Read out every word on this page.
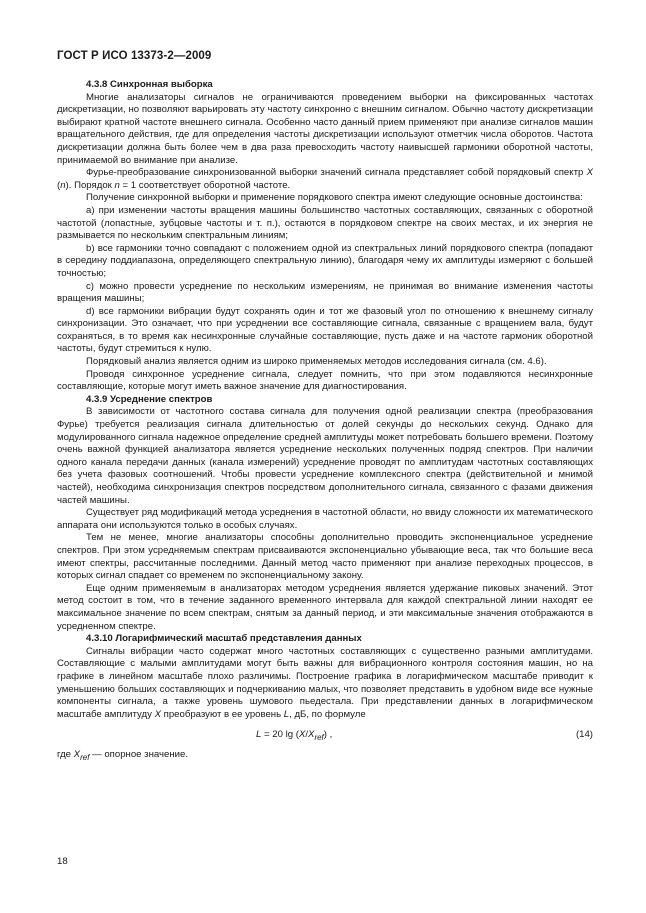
ГОСТ Р ИСО 13373-2—2009
4.3.8 Синхронная выборка

Многие анализаторы сигналов не ограничиваются проведением выборки на фиксированных частотах дискретизации, но позволяют варьировать эту частоту синхронно с внешним сигналом. Обычно частоту дискретизации выбирают кратной частоте внешнего сигнала. Особенно часто данный прием применяют при анализе сигналов машин вращательного действия, где для определения частоты дискретизации используют отметчик числа оборотов. Частота дискретизации должна быть более чем в два раза превосходить частоту наивысшей гармоники оборотной частоты, принимаемой во внимание при анализе.

Фурье-преобразование синхронизованной выборки значений сигнала представляет собой порядковый спектр X (n). Порядок n = 1 соответствует оборотной частоте.

Получение синхронной выборки и применение порядкового спектра имеют следующие основные достоинства:

а) при изменении частоты вращения машины большинство частотных составляющих, связанных с оборотной частотой (лопастные, зубцовые частоты и т. п.), остаются в порядковом спектре на своих местах, и их энергия не размывается по нескольким спектральным линиям;

b) все гармоники точно совпадают с положением одной из спектральных линий порядкового спектра (попадают в середину поддиапазона, определяющего спектральную линию), благодаря чему их амплитуды измеряют с большей точностью;

с) можно провести усреднение по нескольким измерениям, не принимая во внимание изменения частоты вращения машины;

d) все гармоники вибрации будут сохранять один и тот же фазовый угол по отношению к внешнему сигналу синхронизации. Это означает, что при усреднении все составляющие сигнала, связанные с вращением вала, будут сохраняться, в то время как несинхронные случайные составляющие, пусть даже и на частоте гармоник оборотной частоты, будут стремиться к нулю.

Порядковый анализ является одним из широко применяемых методов исследования сигнала (см. 4.6).

Проводя синхронное усреднение сигнала, следует помнить, что при этом подавляются несинхронные составляющие, которые могут иметь важное значение для диагностирования.

4.3.9 Усреднение спектров

В зависимости от частотного состава сигнала для получения одной реализации спектра (преобразования Фурье) требуется реализация сигнала длительностью от долей секунды до нескольких секунд. Однако для модулированного сигнала надежное определение средней амплитуды может потребовать большего времени. Поэтому очень важной функцией анализатора является усреднение нескольких полученных подряд спектров. При наличии одного канала передачи данных (канала измерений) усреднение проводят по амплитудам частотных составляющих без учета фазовых соотношений. Чтобы провести усреднение комплексного спектра (действительной и мнимой частей), необходима синхронизация спектров посредством дополнительного сигнала, связанного с фазами движения частей машины.

Существует ряд модификаций метода усреднения в частотной области, но ввиду сложности их математического аппарата они используются только в особых случаях.

Тем не менее, многие анализаторы способны дополнительно проводить экспоненциальное усреднение спектров. При этом усредняемым спектрам присваиваются экспоненциально убывающие веса, так что большие веса имеют спектры, рассчитанные последними. Данный метод часто применяют при анализе переходных процессов, в которых сигнал спадает со временем по экспоненциальному закону.

Еще одним применяемым в анализаторах методом усреднения является удержание пиковых значений. Этот метод состоит в том, что в течение заданного временного интервала для каждой спектральной линии находят ее максимальное значение по всем спектрам, снятым за данный период, и эти максимальные значения отображаются в усредненном спектре.

4.3.10 Логарифмический масштаб представления данных

Сигналы вибрации часто содержат много частотных составляющих с существенно разными амплитудами. Составляющие с малыми амплитудами могут быть важны для вибрационного контроля состояния машин, но на графике в линейном масштабе плохо различимы. Построение графика в логарифмическом масштабе приводит к уменьшению больших составляющих и подчеркиванию малых, что позволяет представить в удобном виде все нужные компоненты сигнала, а также уровень шумового пьедестала. При представлении данных в логарифмическом масштабе амплитуду X преобразуют в ее уровень L, дБ, по формуле

L = 20 $\lg (X/X_{ref})$ ,	(14)

где $X_{ref}$ — опорное значение.

18
